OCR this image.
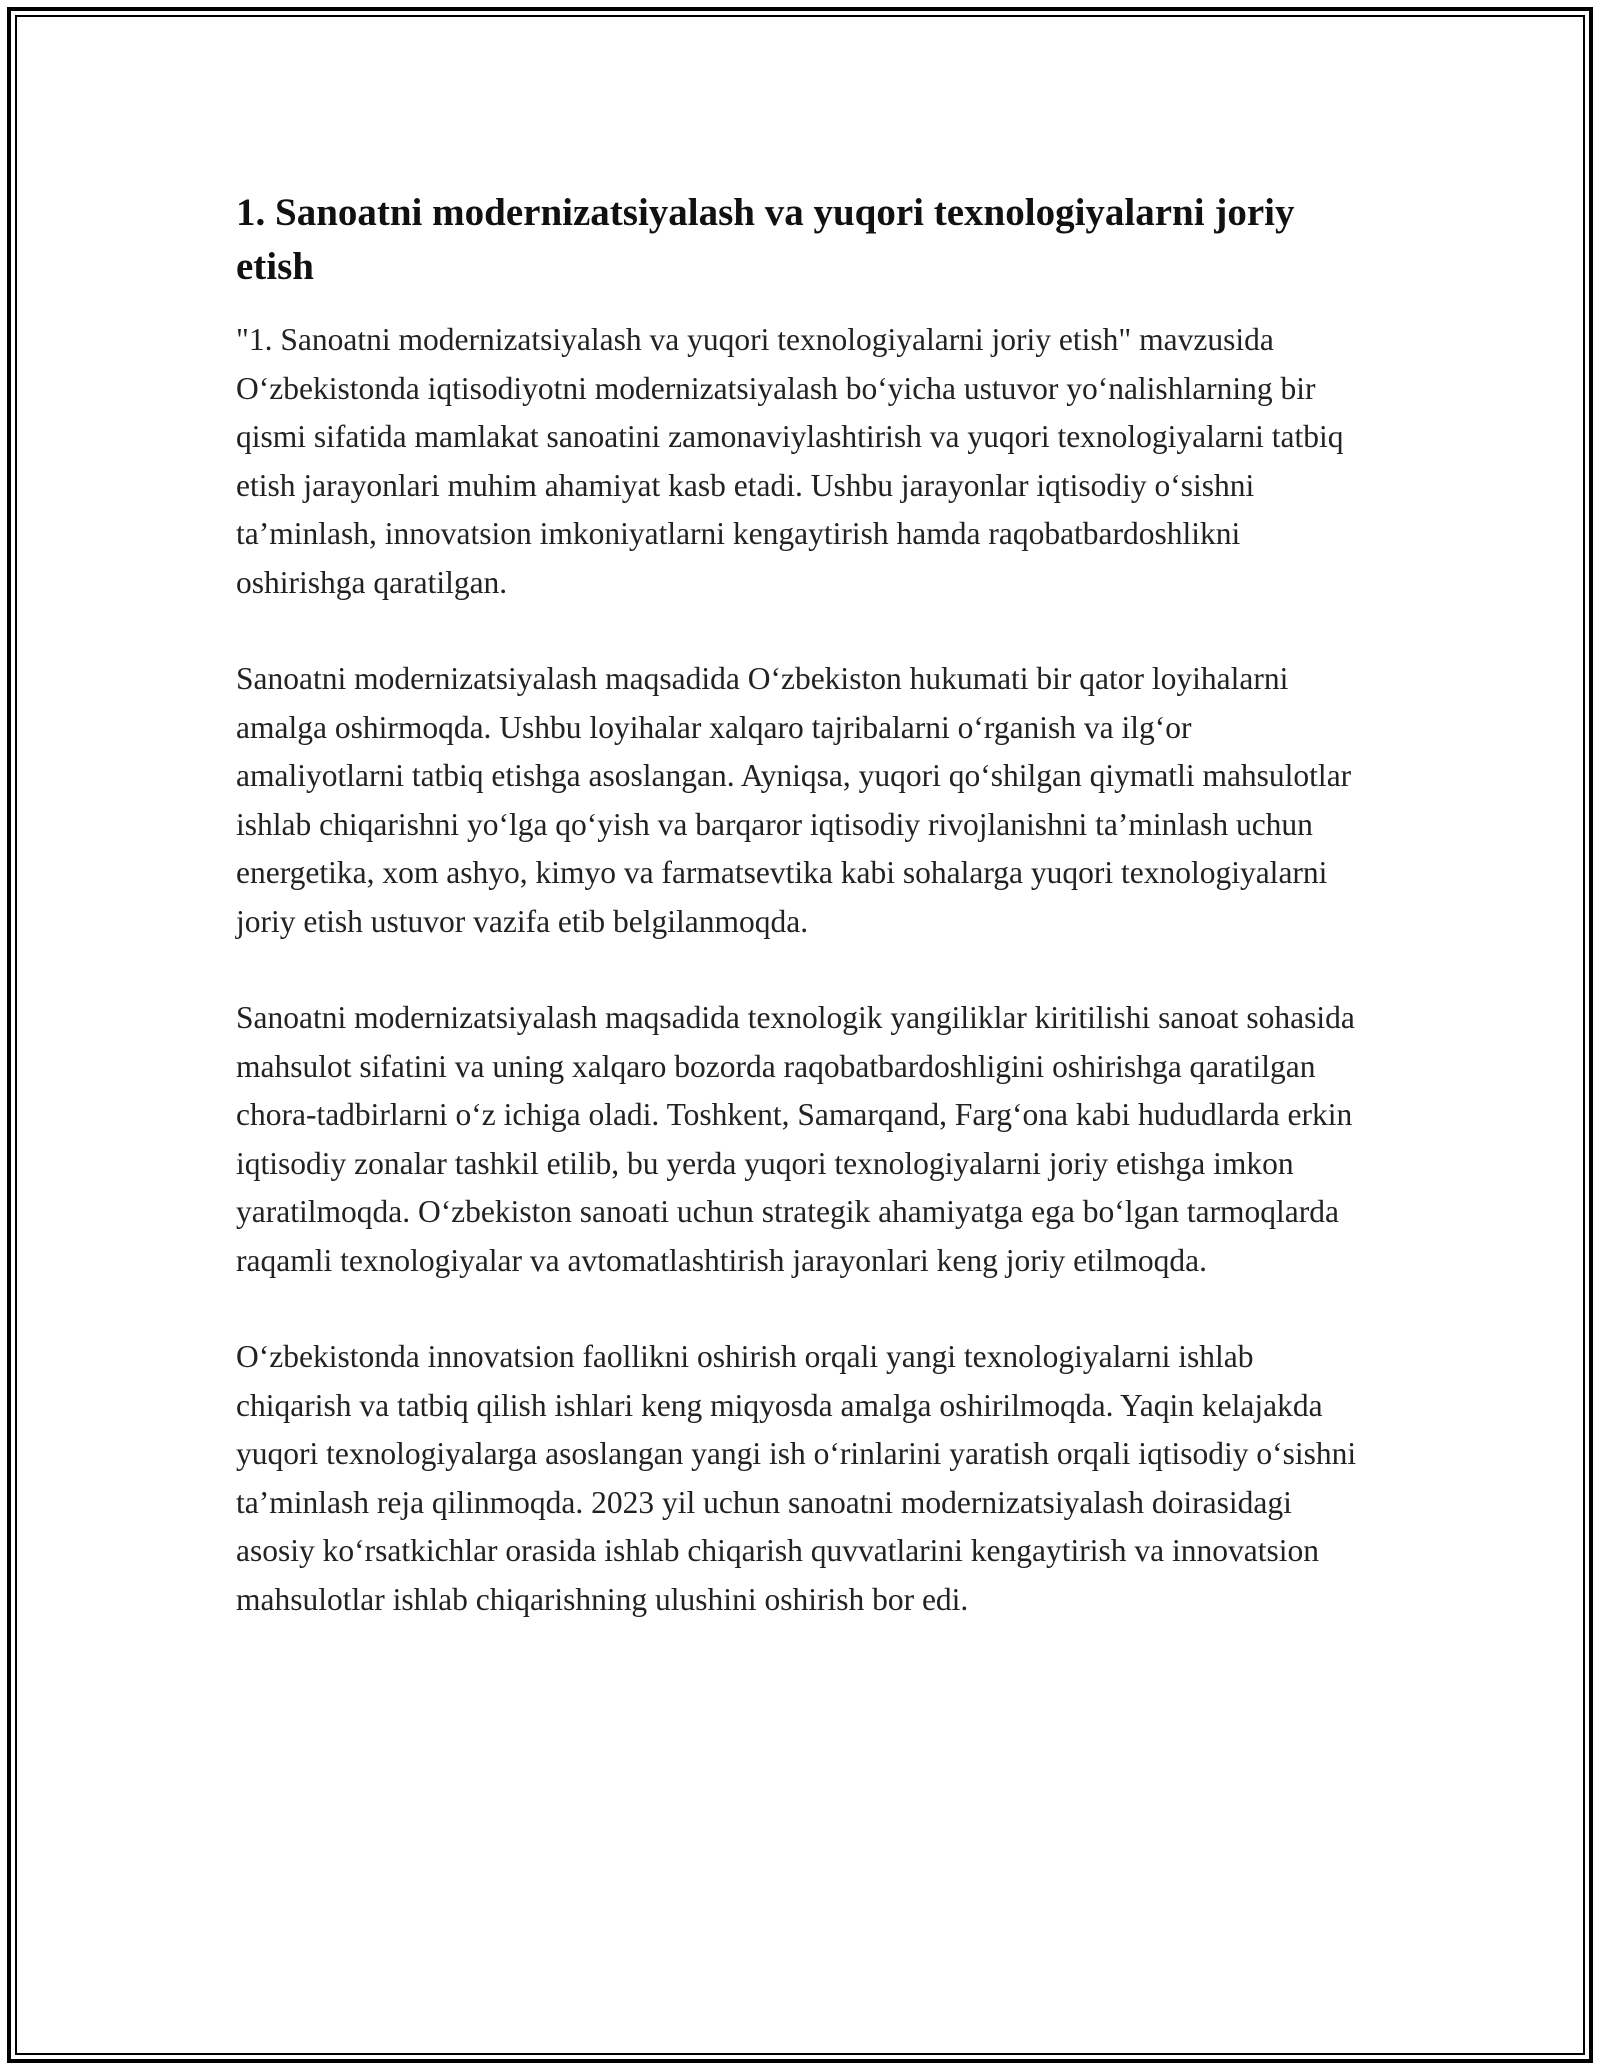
1. Sanoatni modernizatsiyalash va yuqori texnologiyalarni joriy etish

"1. Sanoatni modernizatsiyalash va yuqori texnologiyalarni joriy etish" mavzusida O‘zbekistonda iqtisodiyotni modernizatsiyalash bo‘yicha ustuvor yo‘nalishlarning bir qismi sifatida mamlakat sanoatini zamonaviylashtirish va yuqori texnologiyalarni tatbiq etish jarayonlari muhim ahamiyat kasb etadi. Ushbu jarayonlar iqtisodiy o‘sishni ta’minlash, innovatsion imkoniyatlarni kengaytirish hamda raqobatbardoshlikni oshirishga qaratilgan.

Sanoatni modernizatsiyalash maqsadida O‘zbekiston hukumati bir qator loyihalarni amalga oshirmoqda. Ushbu loyihalar xalqaro tajribalarni o‘rganish va ilg‘or amaliyotlarni tatbiq etishga asoslangan. Ayniqsa, yuqori qo‘shilgan qiymatli mahsulotlar ishlab chiqarishni yo‘lga qo‘yish va barqaror iqtisodiy rivojlanishni ta’minlash uchun energetika, xom ashyo, kimyo va farmatsevtika kabi sohalarga yuqori texnologiyalarni joriy etish ustuvor vazifa etib belgilanmoqda.

Sanoatni modernizatsiyalash maqsadida texnologik yangiliklar kiritilishi sanoat sohasida mahsulot sifatini va uning xalqaro bozorda raqobatbardoshligini oshirishga qaratilgan chora-tadbirlarni o‘z ichiga oladi. Toshkent, Samarqand, Farg‘ona kabi hududlarda erkin iqtisodiy zonalar tashkil etilib, bu yerda yuqori texnologiyalarni joriy etishga imkon yaratilmoqda. O‘zbekiston sanoati uchun strategik ahamiyatga ega bo‘lgan tarmoqlarda raqamli texnologiyalar va avtomatlashtirish jarayonlari keng joriy etilmoqda.

O‘zbekistonda innovatsion faollikni oshirish orqali yangi texnologiyalarni ishlab chiqarish va tatbiq qilish ishlari keng miqyosda amalga oshirilmoqda. Yaqin kelajakda yuqori texnologiyalarga asoslangan yangi ish o‘rinlarini yaratish orqali iqtisodiy o‘sishni ta’minlash reja qilinmoqda. 2023 yil uchun sanoatni modernizatsiyalash doirasidagi asosiy ko‘rsatkichlar orasida ishlab chiqarish quvvatlarini kengaytirish va innovatsion mahsulotlar ishlab chiqarishning ulushini oshirish bor edi.
